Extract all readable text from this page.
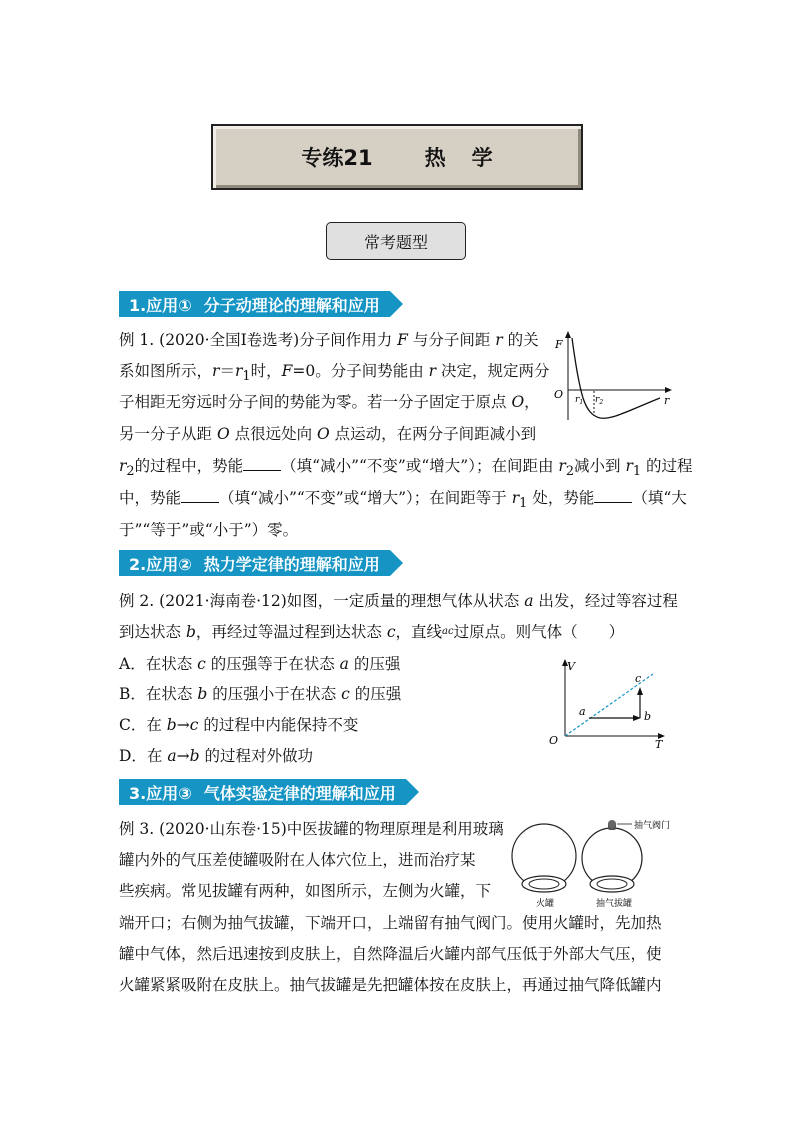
专练21 热 学
常考题型
1.应用① 分子动理论的理解和应用
例 1. (2020·全国Ⅰ卷选考)分子间作用力 F 与分子间距 r 的关
系如图所示，$r=r_1$时，F=0。分子间势能由 r 决定，规定两分
子相距无穷远时分子间的势能为零。若一分子固定于原点 O，
另一分子从距 O 点很远处向 O 点运动，在两分子间距减小到
$r_2$的过程中，势能 （填“减小”“不变”或“增大”）；在间距由 $r_2$减小到 $r_1$ 的过程
中，势能 （填“减小”“不变”或“增大”）；在间距等于 $r_1$ 处，势能 （填“大
于”“等于”或“小于”）零。
F
O	r
$r_1$ $r_2$
2.应用② 热力学定律的理解和应用
例 2. (2021·海南卷·12)如图，一定质量的理想气体从状态 a 出发，经过等容过程
到达状态 b，再经过等温过程到达状态 c，直线ac过原点。则气体（　　）
A．在状态 c 的压强等于在状态 a 的压强
B．在状态 b 的压强小于在状态 c 的压强
C．在 b→c 的过程中内能保持不变
D．在 a→b 的过程对外做功
V
T
O
a	b
c
3.应用③ 气体实验定律的理解和应用
例 3. (2020·山东卷·15)中医拔罐的物理原理是利用玻璃
罐内外的气压差使罐吸附在人体穴位上，进而治疗某
些疾病。常见拔罐有两种，如图所示，左侧为火罐，下
端开口；右侧为抽气拔罐，下端开口，上端留有抽气阀门。使用火罐时，先加热
罐中气体，然后迅速按到皮肤上，自然降温后火罐内部气压低于外部大气压，使
火罐紧紧吸附在皮肤上。抽气拔罐是先把罐体按在皮肤上，再通过抽气降低罐内
火罐
抽气阀门
抽气拔罐
